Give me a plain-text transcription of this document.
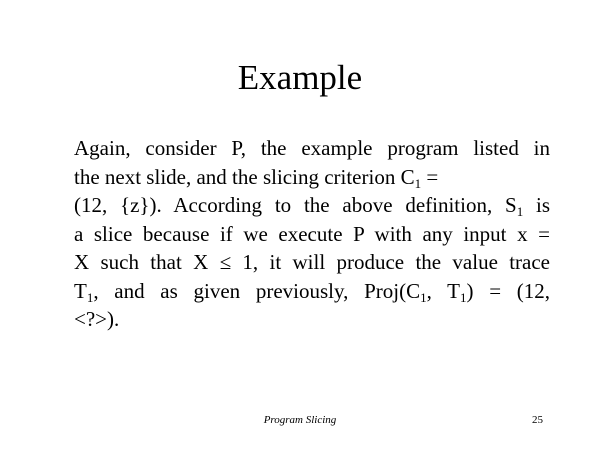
Example
Again, consider P, the example program listed in
the next slide, and the slicing criterion $C_1$ =
(12, {z}). According to the above definition, $S_1$ is
a slice because if we execute P with any input x =
X such that X ≤ 1, it will produce the value trace
$T_1$, and as given previously, $Proj(C_1$, $T_1) = (12$,
<?>).
Program Slicing	25
